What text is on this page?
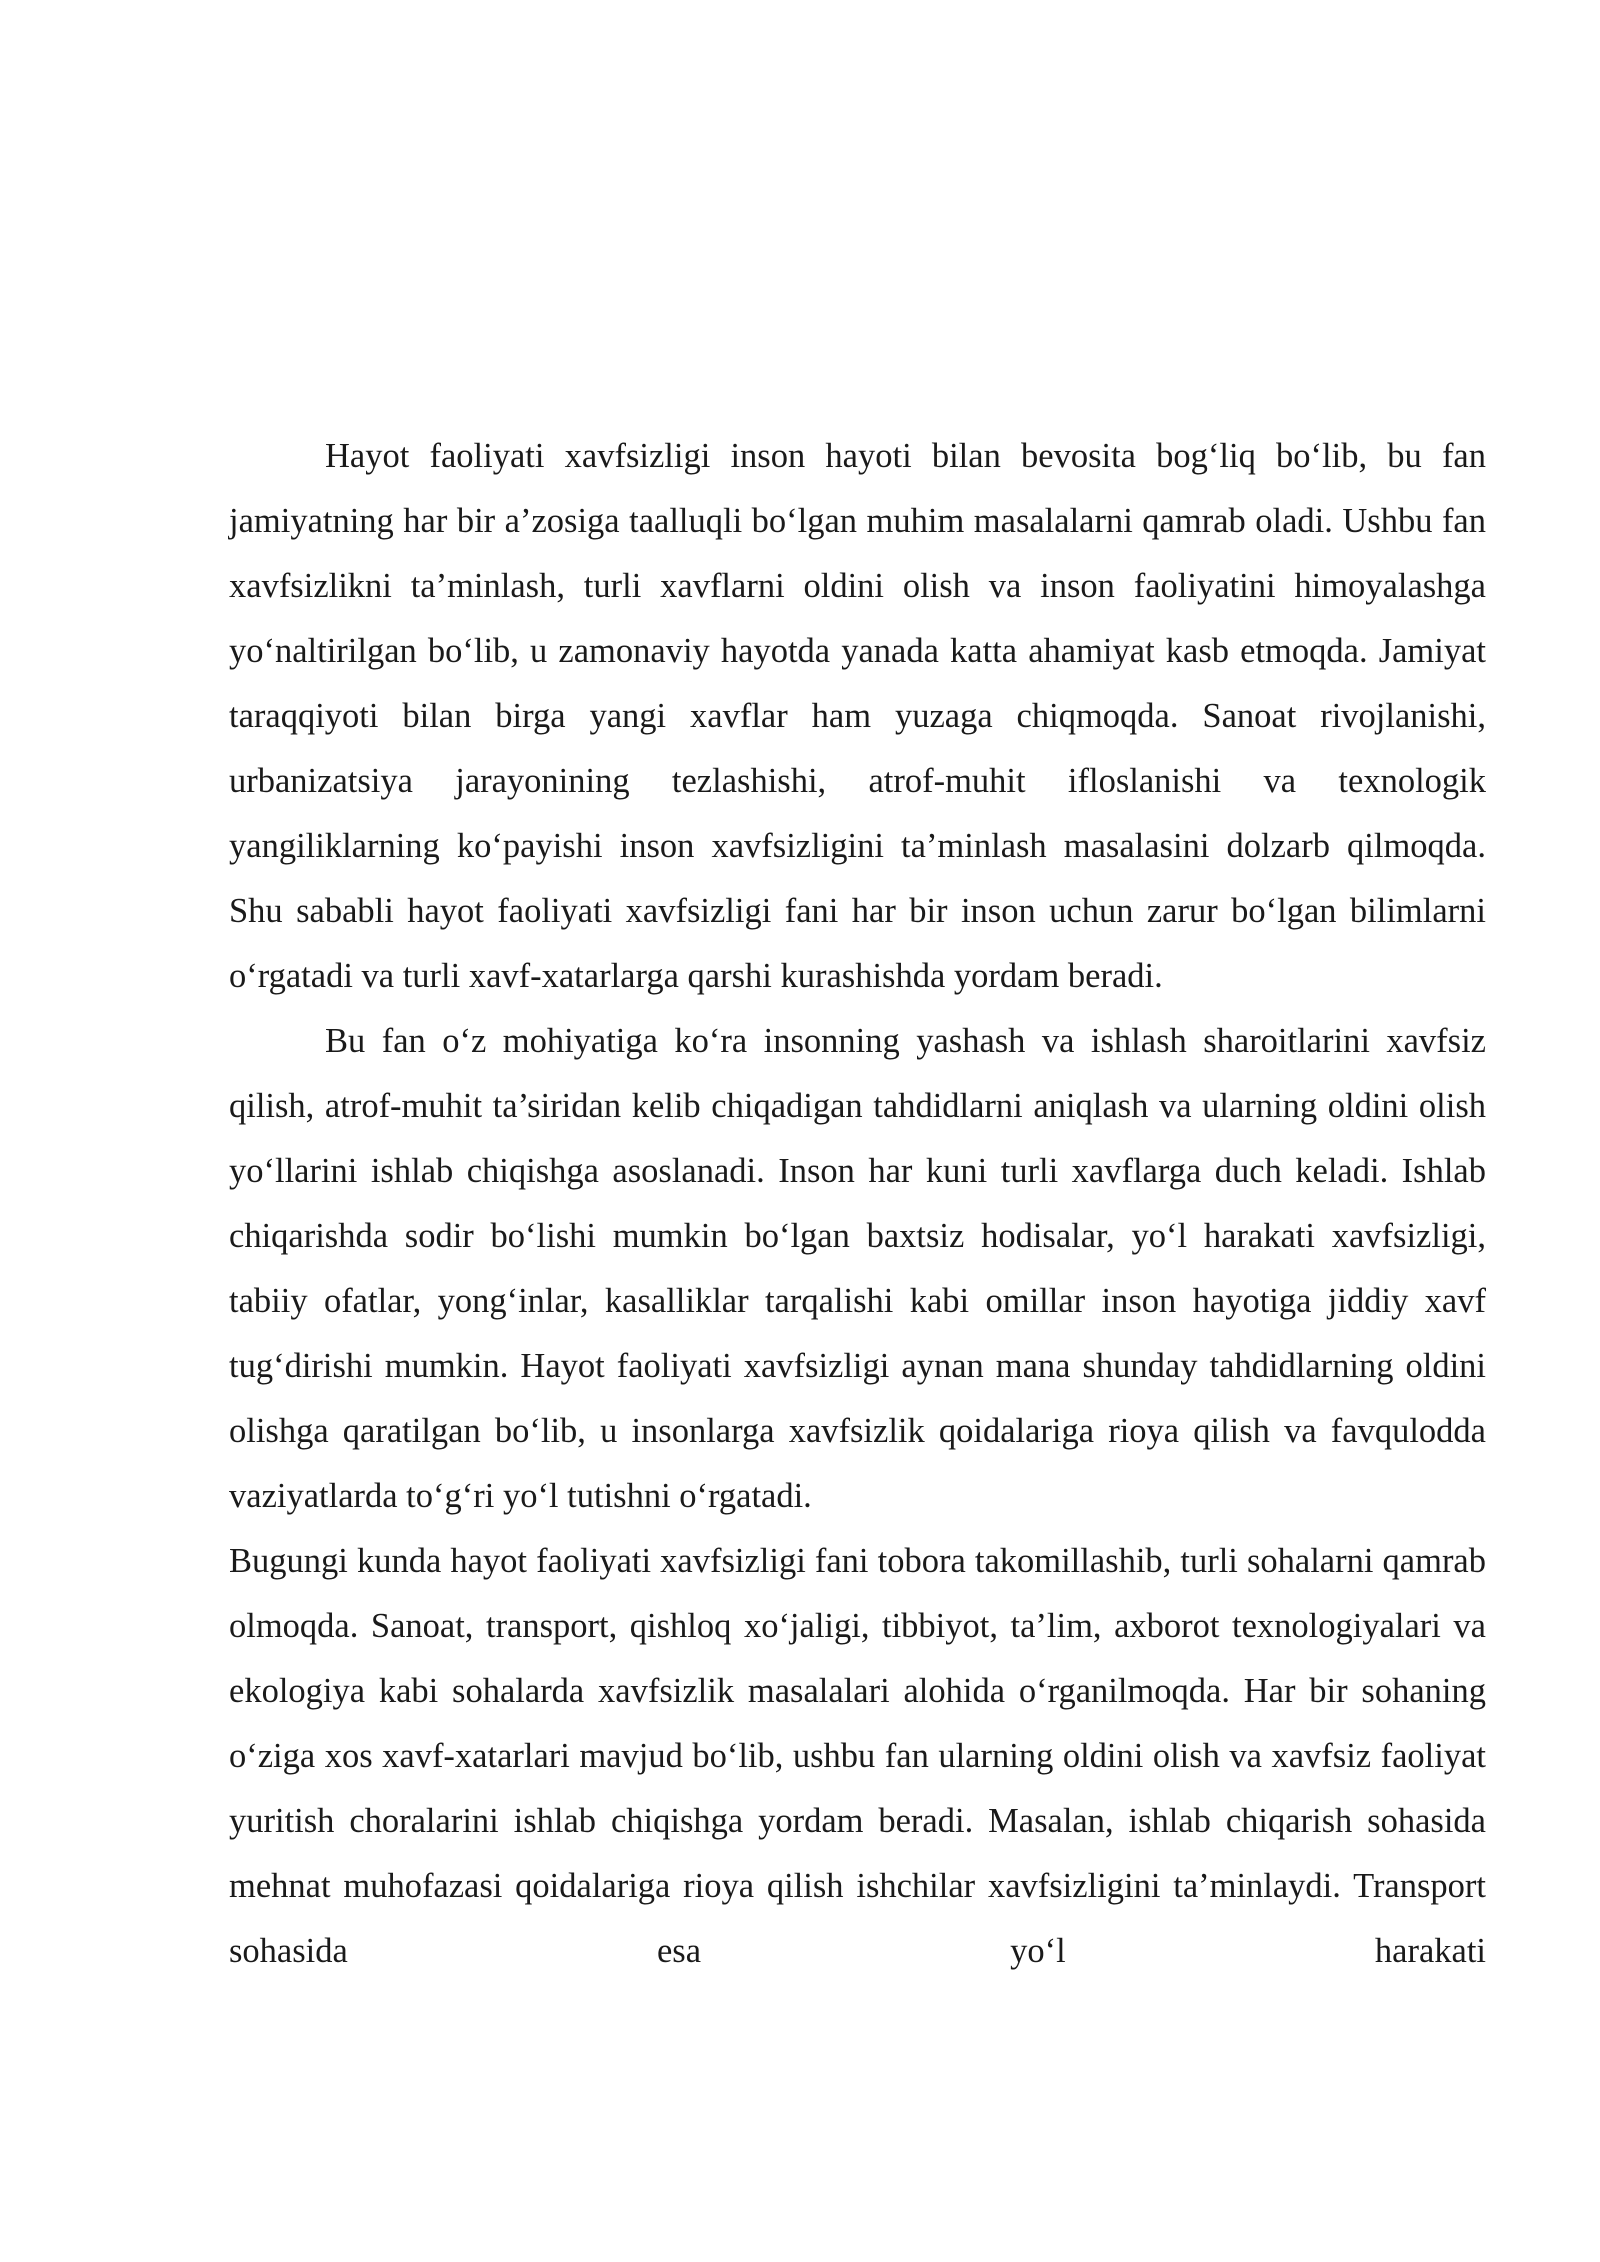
Hayot faoliyati xavfsizligi inson hayoti bilan bevosita bog‘liq bo‘lib, bu fan jamiyatning har bir a’zosiga taalluqli bo‘lgan muhim masalalarni qamrab oladi. Ushbu fan xavfsizlikni ta’minlash, turli xavflarni oldini olish va inson faoliyatini himoyalashga yo‘naltirilgan bo‘lib, u zamonaviy hayotda yanada katta ahamiyat kasb etmoqda. Jamiyat taraqqiyoti bilan birga yangi xavflar ham yuzaga chiqmoqda. Sanoat rivojlanishi, urbanizatsiya jarayonining tezlashishi, atrof-muhit ifloslanishi va texnologik yangiliklarning ko‘payishi inson xavfsizligini ta’minlash masalasini dolzarb qilmoqda. Shu sababli hayot faoliyati xavfsizligi fani har bir inson uchun zarur bo‘lgan bilimlarni o‘rgatadi va turli xavf-xatarlarga qarshi kurashishda yordam beradi.

Bu fan o‘z mohiyatiga ko‘ra insonning yashash va ishlash sharoitlarini xavfsiz qilish, atrof-muhit ta’siridan kelib chiqadigan tahdidlarni aniqlash va ularning oldini olish yo‘llarini ishlab chiqishga asoslanadi. Inson har kuni turli xavflarga duch keladi. Ishlab chiqarishda sodir bo‘lishi mumkin bo‘lgan baxtsiz hodisalar, yo‘l harakati xavfsizligi, tabiiy ofatlar, yong‘inlar, kasalliklar tarqalishi kabi omillar inson hayotiga jiddiy xavf tug‘dirishi mumkin. Hayot faoliyati xavfsizligi aynan mana shunday tahdidlarning oldini olishga qaratilgan bo‘lib, u insonlarga xavfsizlik qoidalariga rioya qilish va favqulodda vaziyatlarda to‘g‘ri yo‘l tutishni o‘rgatadi.

Bugungi kunda hayot faoliyati xavfsizligi fani tobora takomillashib, turli sohalarni qamrab olmoqda. Sanoat, transport, qishloq xo‘jaligi, tibbiyot, ta’lim, axborot texnologiyalari va ekologiya kabi sohalarda xavfsizlik masalalari alohida o‘rganilmoqda. Har bir sohaning o‘ziga xos xavf-xatarlari mavjud bo‘lib, ushbu fan ularning oldini olish va xavfsiz faoliyat yuritish choralarini ishlab chiqishga yordam beradi. Masalan, ishlab chiqarish sohasida mehnat muhofazasi qoidalariga rioya qilish ishchilar xavfsizligini ta’minlaydi. Transport sohasida esa yo‘l harakati
